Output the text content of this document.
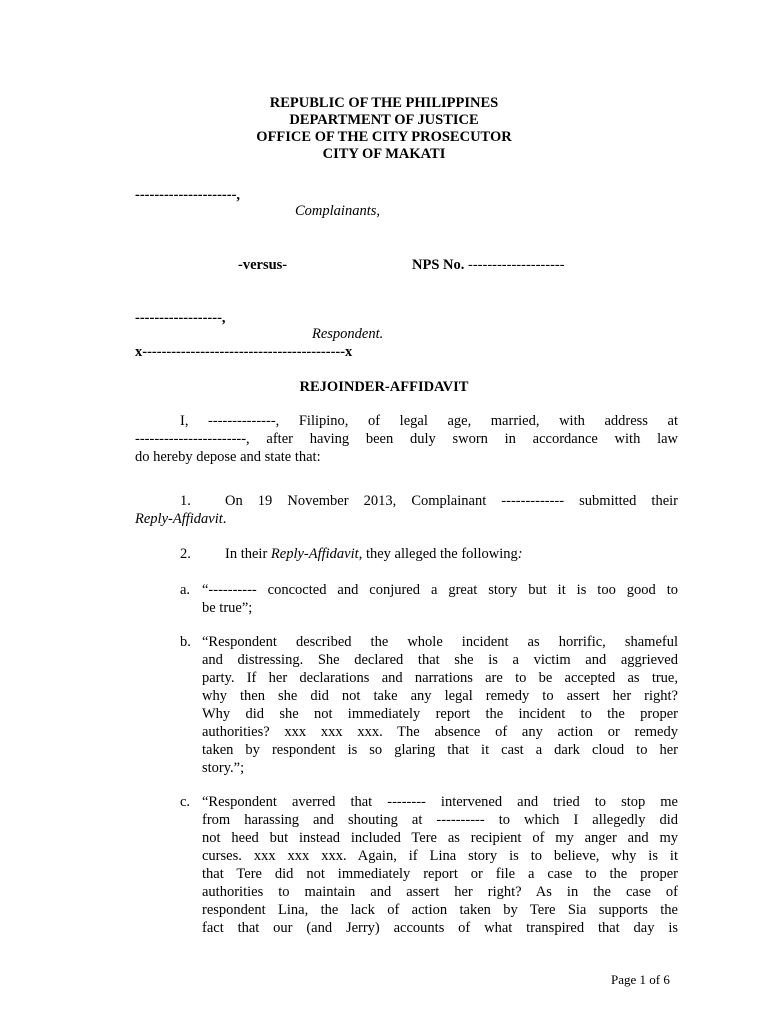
REPUBLIC OF THE PHILIPPINES
DEPARTMENT OF JUSTICE
OFFICE OF THE CITY PROSECUTOR
CITY OF MAKATI
---------------------,
Complainants,
-versus-	NPS No. --------------------
------------------,
Respondent.
x------------------------------------------x
REJOINDER-AFFIDAVIT
I, --------------, Filipino, of legal age, married, with address at
-----------------------, after having been duly sworn in accordance with law
do hereby depose and state that:
1.	On 19 November 2013, Complainant ------------- submitted their
Reply-Affidavit.
2. In their Reply-Affidavit, they alleged the following:
a. “---------- concocted and conjured a great story but it is too good to
be true”;
b. “Respondent described the whole incident as horrific, shameful
and distressing. She declared that she is a victim and aggrieved
party. If her declarations and narrations are to be accepted as true,
why then she did not take any legal remedy to assert her right?
Why did she not immediately report the incident to the proper
authorities? xxx xxx xxx. The absence of any action or remedy
taken by respondent is so glaring that it cast a dark cloud to her
story.”;
c. “Respondent averred that -------- intervened and tried to stop me
from harassing and shouting at ---------- to which I allegedly did
not heed but instead included Tere as recipient of my anger and my
curses. xxx xxx xxx. Again, if Lina story is to believe, why is it
that Tere did not immediately report or file a case to the proper
authorities to maintain and assert her right? As in the case of
respondent Lina, the lack of action taken by Tere Sia supports the
fact that our (and Jerry) accounts of what transpired that day is
Page 1 of 6
